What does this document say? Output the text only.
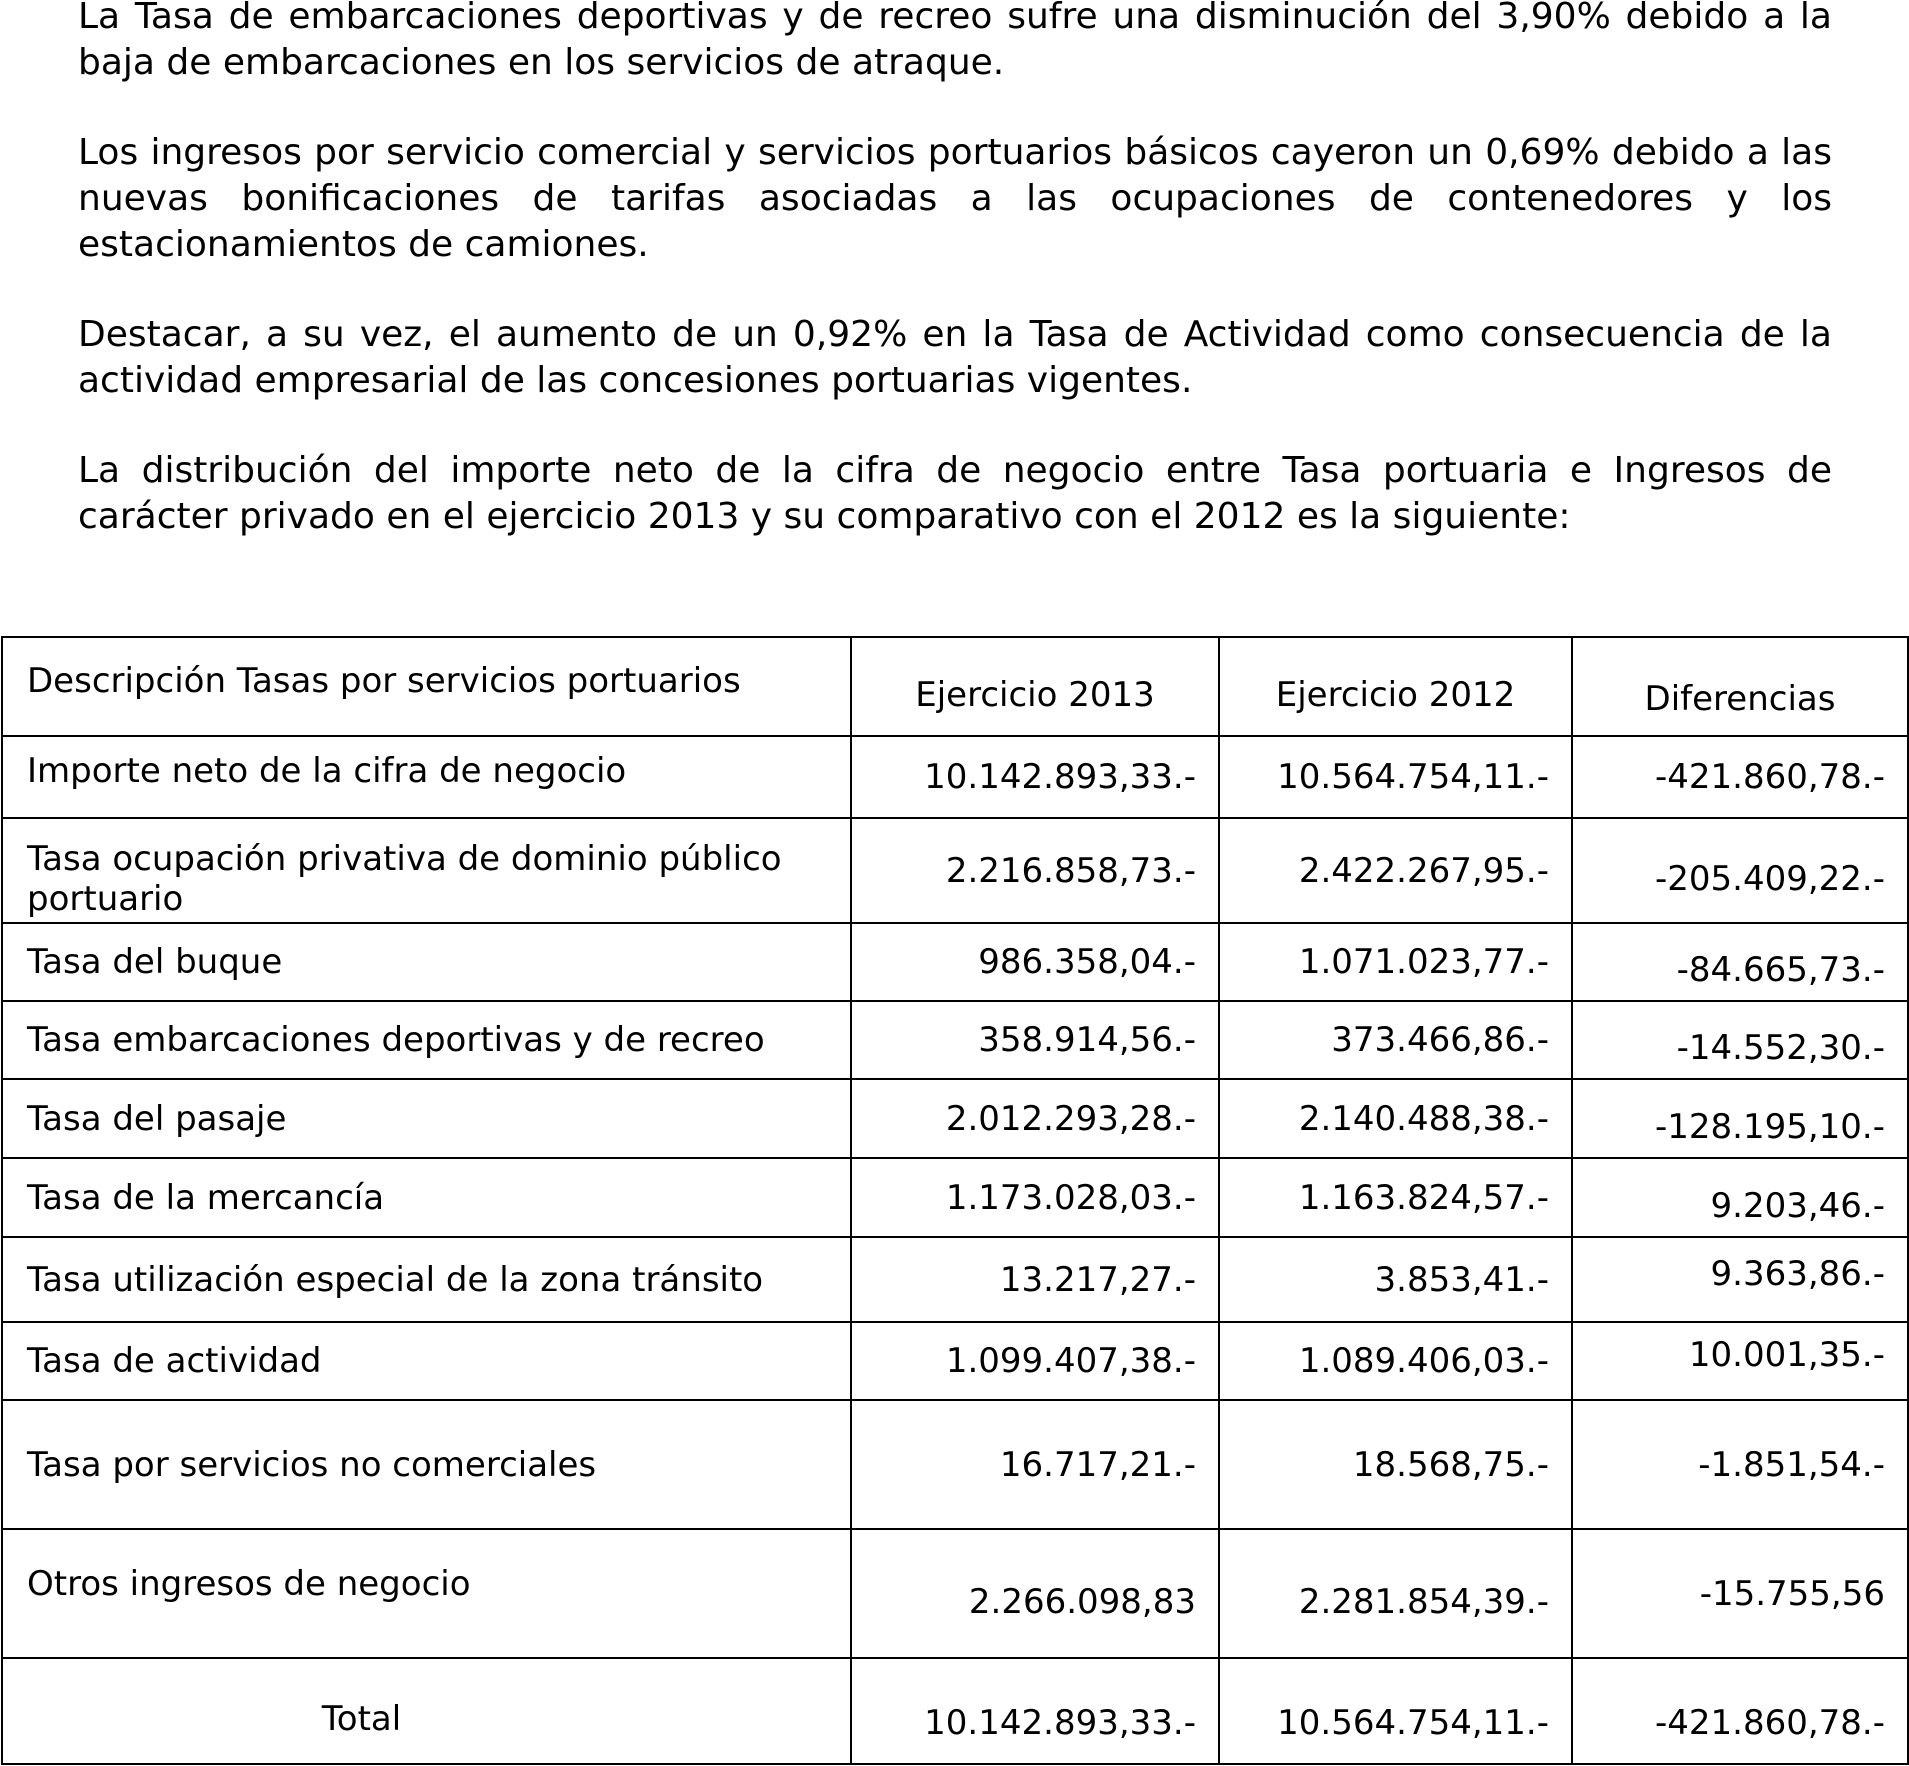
La Tasa de embarcaciones deportivas y de recreo sufre una disminución del 3,90% debido a la baja de embarcaciones en los servicios de atraque.

Los ingresos por servicio comercial y servicios portuarios básicos cayeron un 0,69% debido a las nuevas bonificaciones de tarifas asociadas a las ocupaciones de contenedores y los estacionamientos de camiones.

Destacar, a su vez, el aumento de un 0,92% en la Tasa de Actividad como consecuencia de la actividad empresarial de las concesiones portuarias vigentes.

La distribución del importe neto de la cifra de negocio entre Tasa portuaria e Ingresos de carácter privado en el ejercicio 2013 y su comparativo con el 2012 es la siguiente:

Descripción Tasas por servicios portuarios	Ejercicio 2013	Ejercicio 2012	Diferencias
Importe neto de la cifra de negocio	10.142.893,33.-	10.564.754,11.-	-421.860,78.-
Tasa ocupación privativa de dominio público portuario	2.216.858,73.-	2.422.267,95.-	-205.409,22.-
Tasa del buque	986.358,04.-	1.071.023,77.-	-84.665,73.-
Tasa embarcaciones deportivas y de recreo	358.914,56.-	373.466,86.-	-14.552,30.-
Tasa del pasaje	2.012.293,28.-	2.140.488,38.-	-128.195,10.-
Tasa de la mercancía	1.173.028,03.-	1.163.824,57.-	9.203,46.-
Tasa utilización especial de la zona tránsito	13.217,27.-	3.853,41.-	9.363,86.-
Tasa de actividad	1.099.407,38.-	1.089.406,03.-	10.001,35.-
Tasa por servicios no comerciales	16.717,21.-	18.568,75.-	-1.851,54.-
Otros ingresos de negocio	2.266.098,83	2.281.854,39.-	-15.755,56
Total	10.142.893,33.-	10.564.754,11.-	-421.860,78.-
